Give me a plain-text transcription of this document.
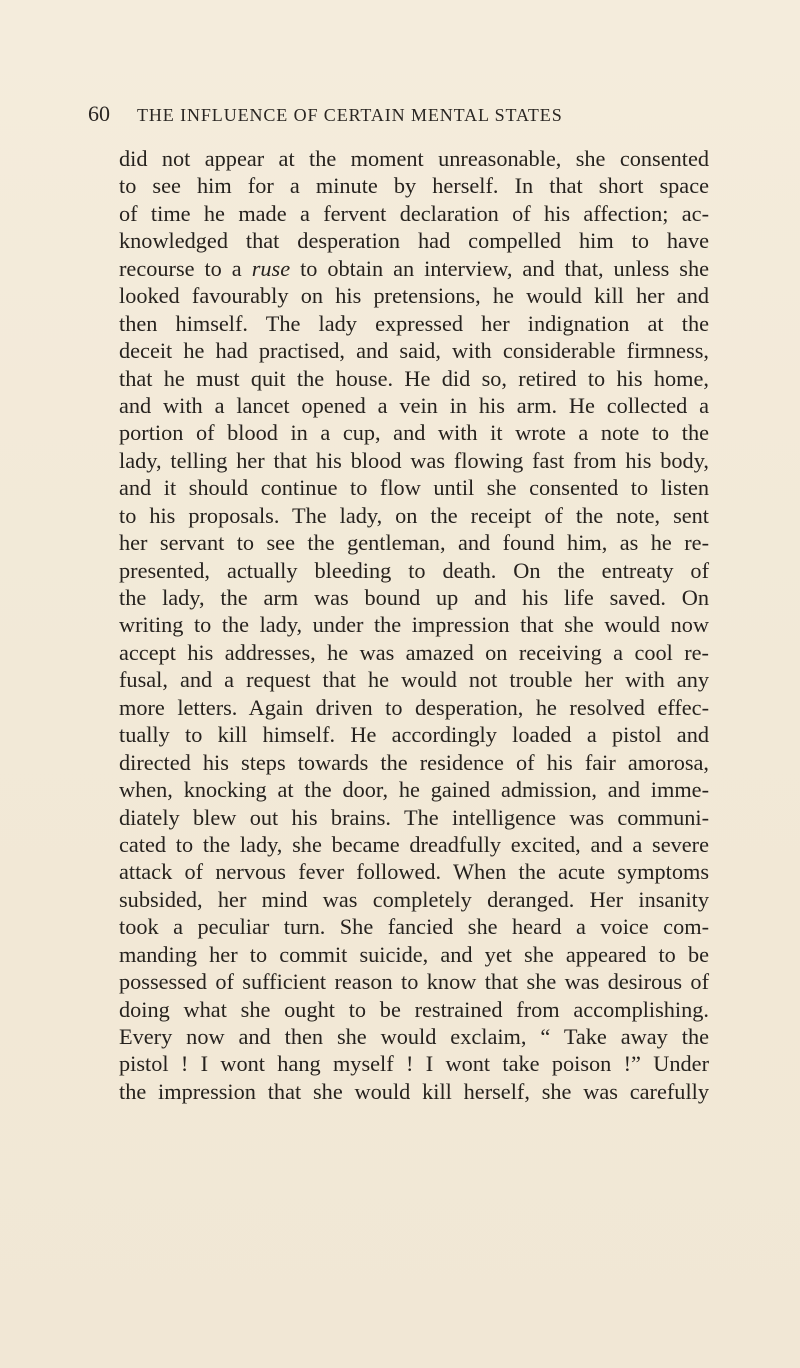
60 THE INFLUENCE OF CERTAIN MENTAL STATES
did not appear at the moment unreasonable, she consented
to see him for a minute by herself. In that short space
of time he made a fervent declaration of his affection; ac-
knowledged that desperation had compelled him to have
recourse to a ruse to obtain an interview, and that, unless she
looked favourably on his pretensions, he would kill her and
then himself. The lady expressed her indignation at the
deceit he had practised, and said, with considerable firmness,
that he must quit the house. He did so, retired to his home,
and with a lancet opened a vein in his arm. He collected a
portion of blood in a cup, and with it wrote a note to the
lady, telling her that his blood was flowing fast from his body,
and it should continue to flow until she consented to listen
to his proposals. The lady, on the receipt of the note, sent
her servant to see the gentleman, and found him, as he re-
presented, actually bleeding to death. On the entreaty of
the lady, the arm was bound up and his life saved. On
writing to the lady, under the impression that she would now
accept his addresses, he was amazed on receiving a cool re-
fusal, and a request that he would not trouble her with any
more letters. Again driven to desperation, he resolved effec-
tually to kill himself. He accordingly loaded a pistol and
directed his steps towards the residence of his fair amorosa,
when, knocking at the door, he gained admission, and imme-
diately blew out his brains. The intelligence was communi-
cated to the lady, she became dreadfully excited, and a severe
attack of nervous fever followed. When the acute symptoms
subsided, her mind was completely deranged. Her insanity
took a peculiar turn. She fancied she heard a voice com-
manding her to commit suicide, and yet she appeared to be
possessed of sufficient reason to know that she was desirous of
doing what she ought to be restrained from accomplishing.
Every now and then she would exclaim, “ Take away the
pistol ! I wont hang myself ! I wont take poison !” Under
the impression that she would kill herself, she was carefully
